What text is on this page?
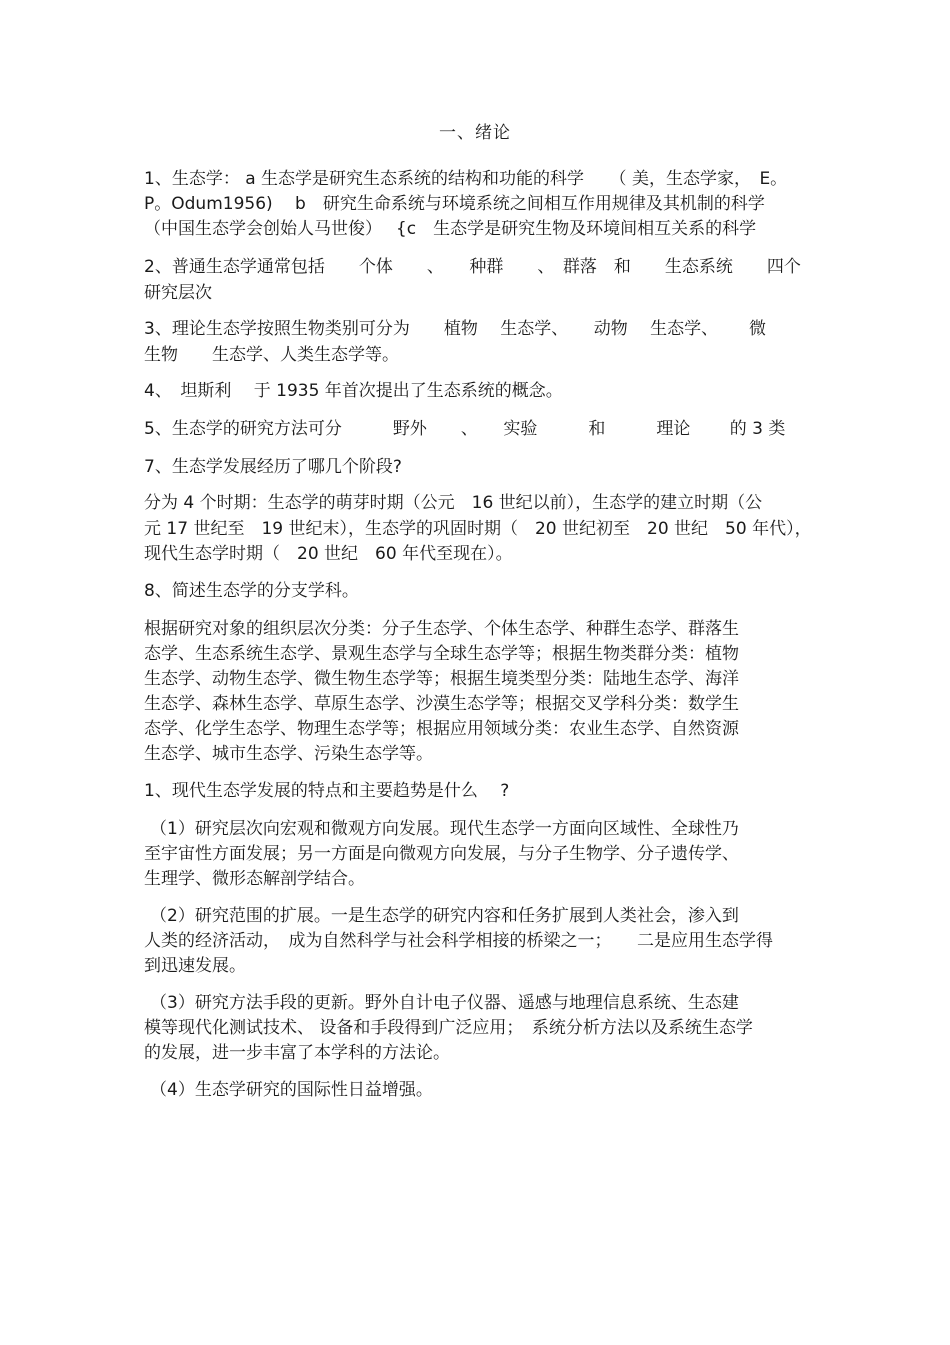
一、绪论
1、生态学： a 生态学是研究生态系统的结构和功能的科学　　（ 美，生态学家，　E。
P。Odum1956)　 b　研究生命系统与环境系统之间相互作用规律及其机制的科学
（中国生态学会创始人马世俊）　 {c　生态学是研究生物及环境间相互关系的科学
2、普通生态学通常包括　　个体　　、　　种群　　、　群落　和　　生态系统　　四个
研究层次
3、理论生态学按照生物类别可分为　　植物　 生态学、　　动物　 生态学、　　 微
生物　　生态学、人类生态学等。
4、　坦斯利　 于 1935 年首次提出了生态系统的概念。
5、生态学的研究方法可分　　　野外　　、　　实验　　　和　　　理论　　 的 3 类
7、生态学发展经历了哪几个阶段?
分为 4 个时期：生态学的萌芽时期（公元　16 世纪以前），生态学的建立时期（公
元 17 世纪至　19 世纪末），生态学的巩固时期（　20 世纪初至　20 世纪　50 年代），
现代生态学时期（　20 世纪　60 年代至现在）。
8、简述生态学的分支学科。
根据研究对象的组织层次分类：分子生态学、个体生态学、种群生态学、群落生
态学、生态系统生态学、景观生态学与全球生态学等；根据生物类群分类：植物
生态学、动物生态学、微生物生态学等；根据生境类型分类：陆地生态学、海洋
生态学、森林生态学、草原生态学、沙漠生态学等；根据交叉学科分类：数学生
态学、化学生态学、物理生态学等；根据应用领域分类：农业生态学、自然资源
生态学、城市生态学、污染生态学等。
1、现代生态学发展的特点和主要趋势是什么　 ?
（1）研究层次向宏观和微观方向发展。现代生态学一方面向区域性、全球性乃
至宇宙性方面发展；另一方面是向微观方向发展，与分子生物学、分子遗传学、
生理学、微形态解剖学结合。
（2）研究范围的扩展。一是生态学的研究内容和任务扩展到人类社会，渗入到
人类的经济活动，　成为自然科学与社会科学相接的桥梁之一；　　二是应用生态学得
到迅速发展。
（3）研究方法手段的更新。野外自计电子仪器、遥感与地理信息系统、生态建
模等现代化测试技术、 设备和手段得到广泛应用；　系统分析方法以及系统生态学
的发展，进一步丰富了本学科的方法论。
（4）生态学研究的国际性日益增强。
